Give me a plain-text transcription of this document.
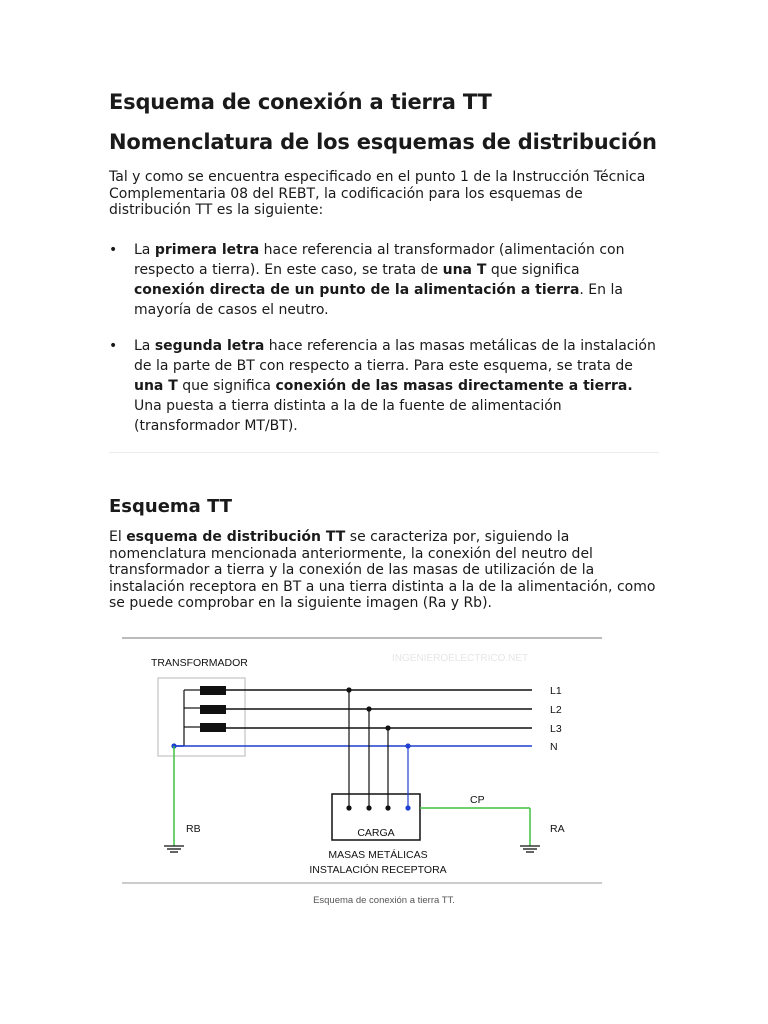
Esquema de conexión a tierra TT
Nomenclatura de los esquemas de distribución

Tal y como se encuentra especificado en el punto 1 de la Instrucción Técnica Complementaria 08 del REBT, la codificación para los esquemas de distribución TT es la siguiente:

• La primera letra hace referencia al transformador (alimentación con respecto a tierra). En este caso, se trata de una T que significa
conexión directa de un punto de la alimentación a tierra. En la mayoría de casos el neutro.
• La segunda letra hace referencia a las masas metálicas de la instalación de la parte de BT con respecto a tierra. Para este esquema, se trata de una T que significa conexión de las masas directamente a tierra. Una puesta a tierra distinta a la de la fuente de alimentación (transformador MT/BT).
Esquema TT

El esquema de distribución TT se caracteriza por, siguiendo la nomenclatura mencionada anteriormente, la conexión del neutro del transformador a tierra y la conexión de las masas de utilización de la instalación receptora en BT a una tierra distinta a la de la alimentación, como se puede comprobar en la siguiente imagen (Ra y Rb).

TRANSFORMADOR	INGENIEROELECTRICO.NET
L1
L2
L3
N
RB	CARGA
CP
RA
MASAS METÁLICAS
INSTALACIÓN RECEPTORA
Esquema de conexión a tierra TT.
